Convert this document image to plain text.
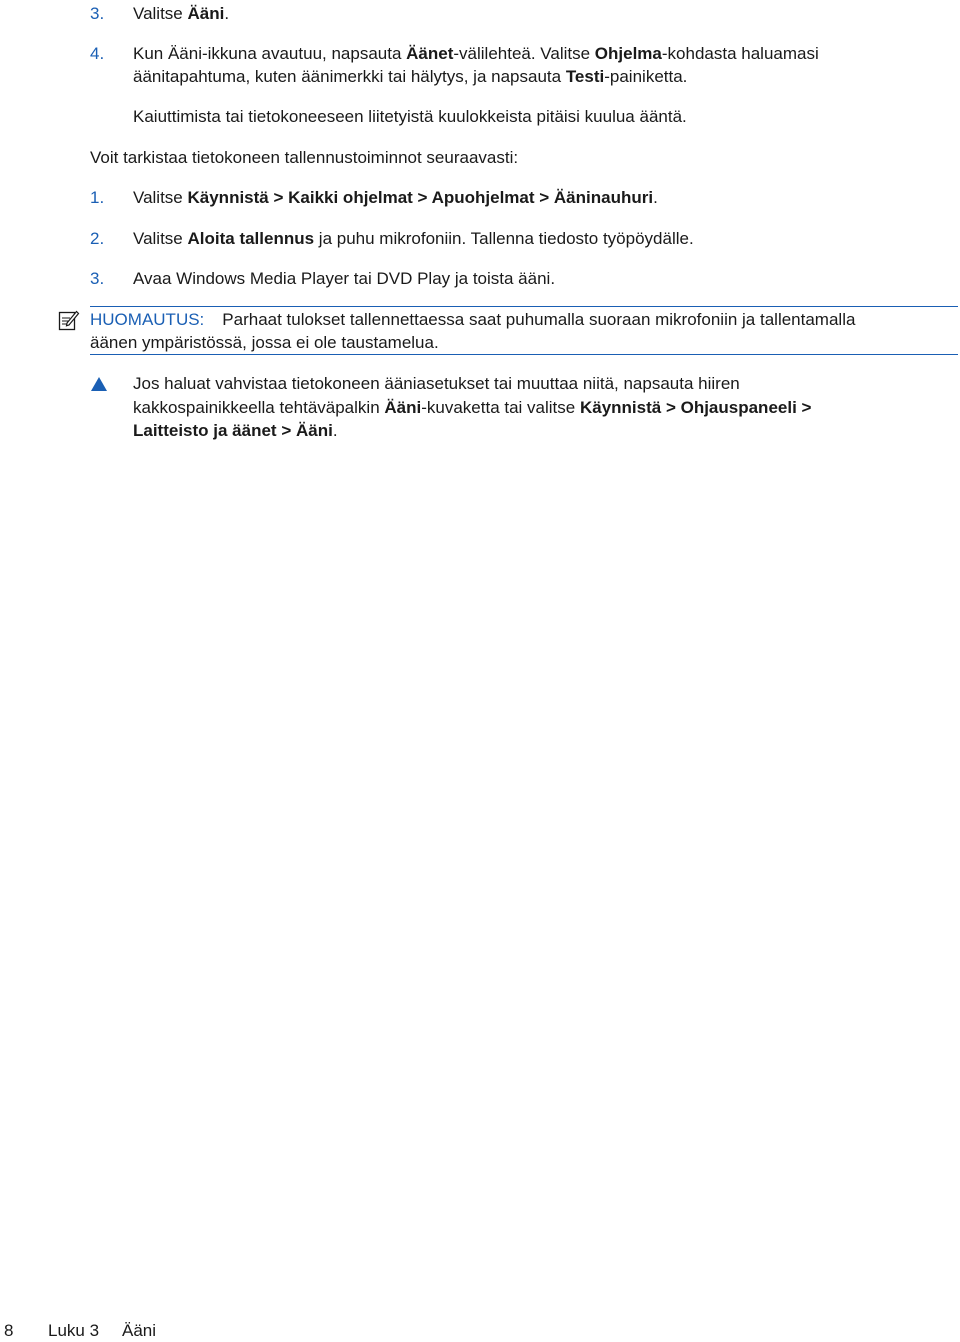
3. Valitse Ääni.
4. Kun Ääni-ikkuna avautuu, napsauta Äänet-välilehteä. Valitse Ohjelma-kohdasta haluamasi
äänitapahtuma, kuten äänimerkki tai hälytys, ja napsauta Testi-painiketta.
Kaiuttimista tai tietokoneeseen liitetyistä kuulokkeista pitäisi kuulua ääntä.
Voit tarkistaa tietokoneen tallennustoiminnot seuraavasti:
1. Valitse Käynnistä > Kaikki ohjelmat > Apuohjelmat > Ääninauhuri.
2. Valitse Aloita tallennus ja puhu mikrofoniin. Tallenna tiedosto työpöydälle.
3. Avaa Windows Media Player tai DVD Play ja toista ääni.
HUOMAUTUS: Parhaat tulokset tallennettaessa saat puhumalla suoraan mikrofoniin ja tallentamalla
äänen ympäristössä, jossa ei ole taustamelua.
Jos haluat vahvistaa tietokoneen ääniasetukset tai muuttaa niitä, napsauta hiiren
kakkospainikkeella tehtäväpalkin Ääni-kuvaketta tai valitse Käynnistä > Ohjauspaneeli >
Laitteisto ja äänet > Ääni.
8 Luku 3 Ääni
